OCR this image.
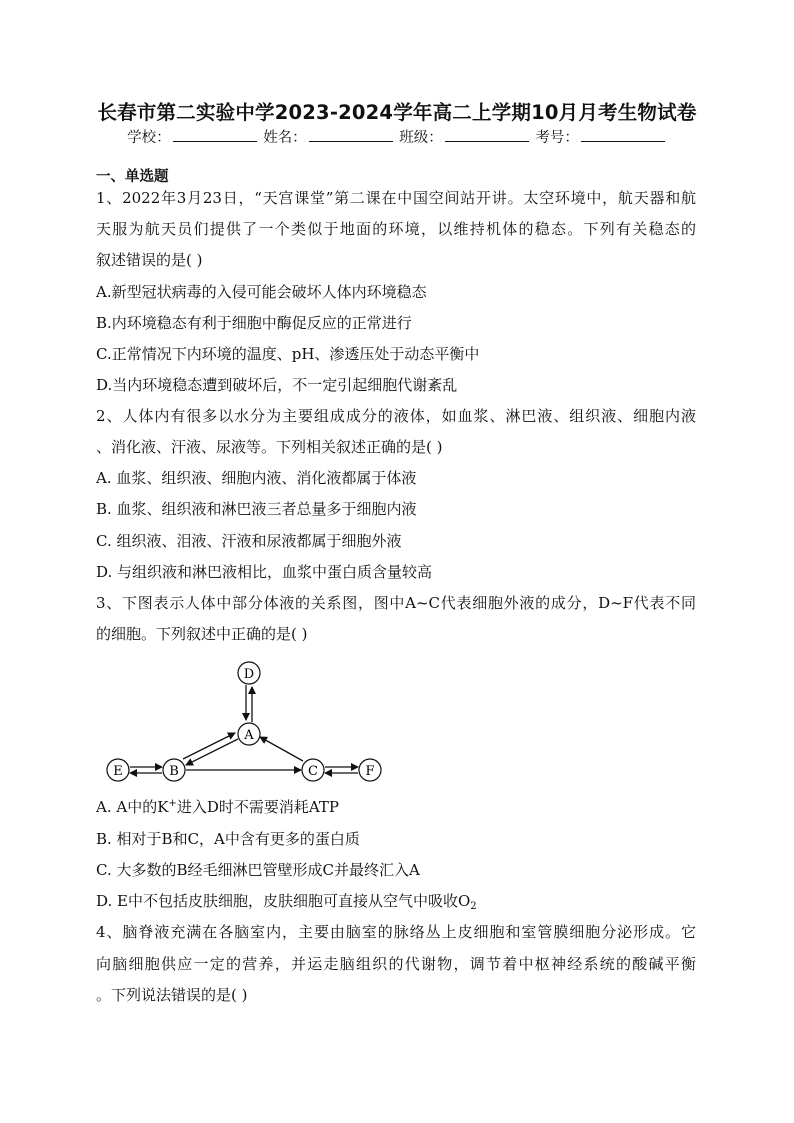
长春市第二实验中学2023-2024学年高二上学期10月月考生物试卷
学校：	姓名：	班级：	考号：
一、单选题
1、2022年3月23日，“天宫课堂”第二课在中国空间站开讲。太空环境中，航天器和航
天服为航天员们提供了一个类似于地面的环境，以维持机体的稳态。下列有关稳态的
叙述错误的是( )
A.新型冠状病毒的入侵可能会破坏人体内环境稳态
B.内环境稳态有利于细胞中酶促反应的正常进行
C.正常情况下内环境的温度、pH、渗透压处于动态平衡中
D.当内环境稳态遭到破坏后，不一定引起细胞代谢紊乱
2、人体内有很多以水分为主要组成成分的液体，如血浆、淋巴液、组织液、细胞内液
、消化液、汗液、尿液等。下列相关叙述正确的是( )
A. 血浆、组织液、细胞内液、消化液都属于体液
B. 血浆、组织液和淋巴液三者总量多于细胞内液
C. 组织液、泪液、汗液和尿液都属于细胞外液
D. 与组织液和淋巴液相比，血浆中蛋白质含量较高
3、下图表示人体中部分体液的关系图，图中A~C代表细胞外液的成分，D~F代表不同
的细胞。下列叙述中正确的是( )
D
A
B
E	C	F
A. A中的K+进入D时不需要消耗ATP
B. 相对于B和C，A中含有更多的蛋白质
C. 大多数的B经毛细淋巴管壁形成C并最终汇入A
D. E中不包括皮肤细胞，皮肤细胞可直接从空气中吸收$O_2$
4、脑脊液充满在各脑室内，主要由脑室的脉络丛上皮细胞和室管膜细胞分泌形成。它
向脑细胞供应一定的营养，并运走脑组织的代谢物，调节着中枢神经系统的酸碱平衡
。下列说法错误的是( )
